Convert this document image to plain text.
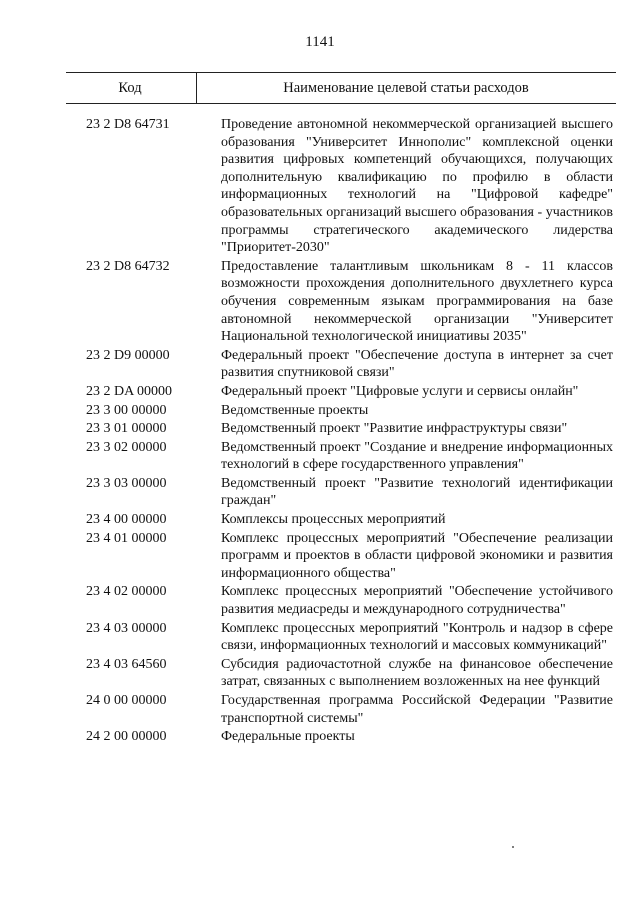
1141
Код	Наименование целевой статьи расходов
23 2 D8 64731	Проведение автономной некоммерческой организацией высшего образования "Университет Иннополис" комплексной оценки развития цифровых компетенций обучающихся, получающих дополнительную квалификацию по профилю в области информационных технологий на "Цифровой кафедре" образовательных организаций высшего образования - участников программы стратегического академического лидерства "Приоритет-2030"
23 2 D8 64732	Предоставление талантливым школьникам 8 - 11 классов возможности прохождения дополнительного двухлетнего курса обучения современным языкам программирования на базе автономной некоммерческой организации "Университет Национальной технологической инициативы 2035"
23 2 D9 00000	Федеральный проект "Обеспечение доступа в интернет за счет развития спутниковой связи"
23 2 DA 00000	Федеральный проект "Цифровые услуги и сервисы онлайн"
23 3 00 00000	Ведомственные проекты
23 3 01 00000	Ведомственный проект "Развитие инфраструктуры связи"
23 3 02 00000	Ведомственный проект "Создание и внедрение информационных технологий в сфере государственного управления"
23 3 03 00000	Ведомственный проект "Развитие технологий идентификации граждан"
23 4 00 00000	Комплексы процессных мероприятий
23 4 01 00000	Комплекс процессных мероприятий "Обеспечение реализации программ и проектов в области цифровой экономики и развития информационного общества"
23 4 02 00000	Комплекс процессных мероприятий "Обеспечение устойчивого развития медиасреды и международного сотрудничества"
23 4 03 00000	Комплекс процессных мероприятий "Контроль и надзор в сфере связи, информационных технологий и массовых коммуникаций"
23 4 03 64560	Субсидия радиочастотной службе на финансовое обеспечение затрат, связанных с выполнением возложенных на нее функций
24 0 00 00000	Государственная программа Российской Федерации "Развитие транспортной системы"
24 2 00 00000	Федеральные проекты
